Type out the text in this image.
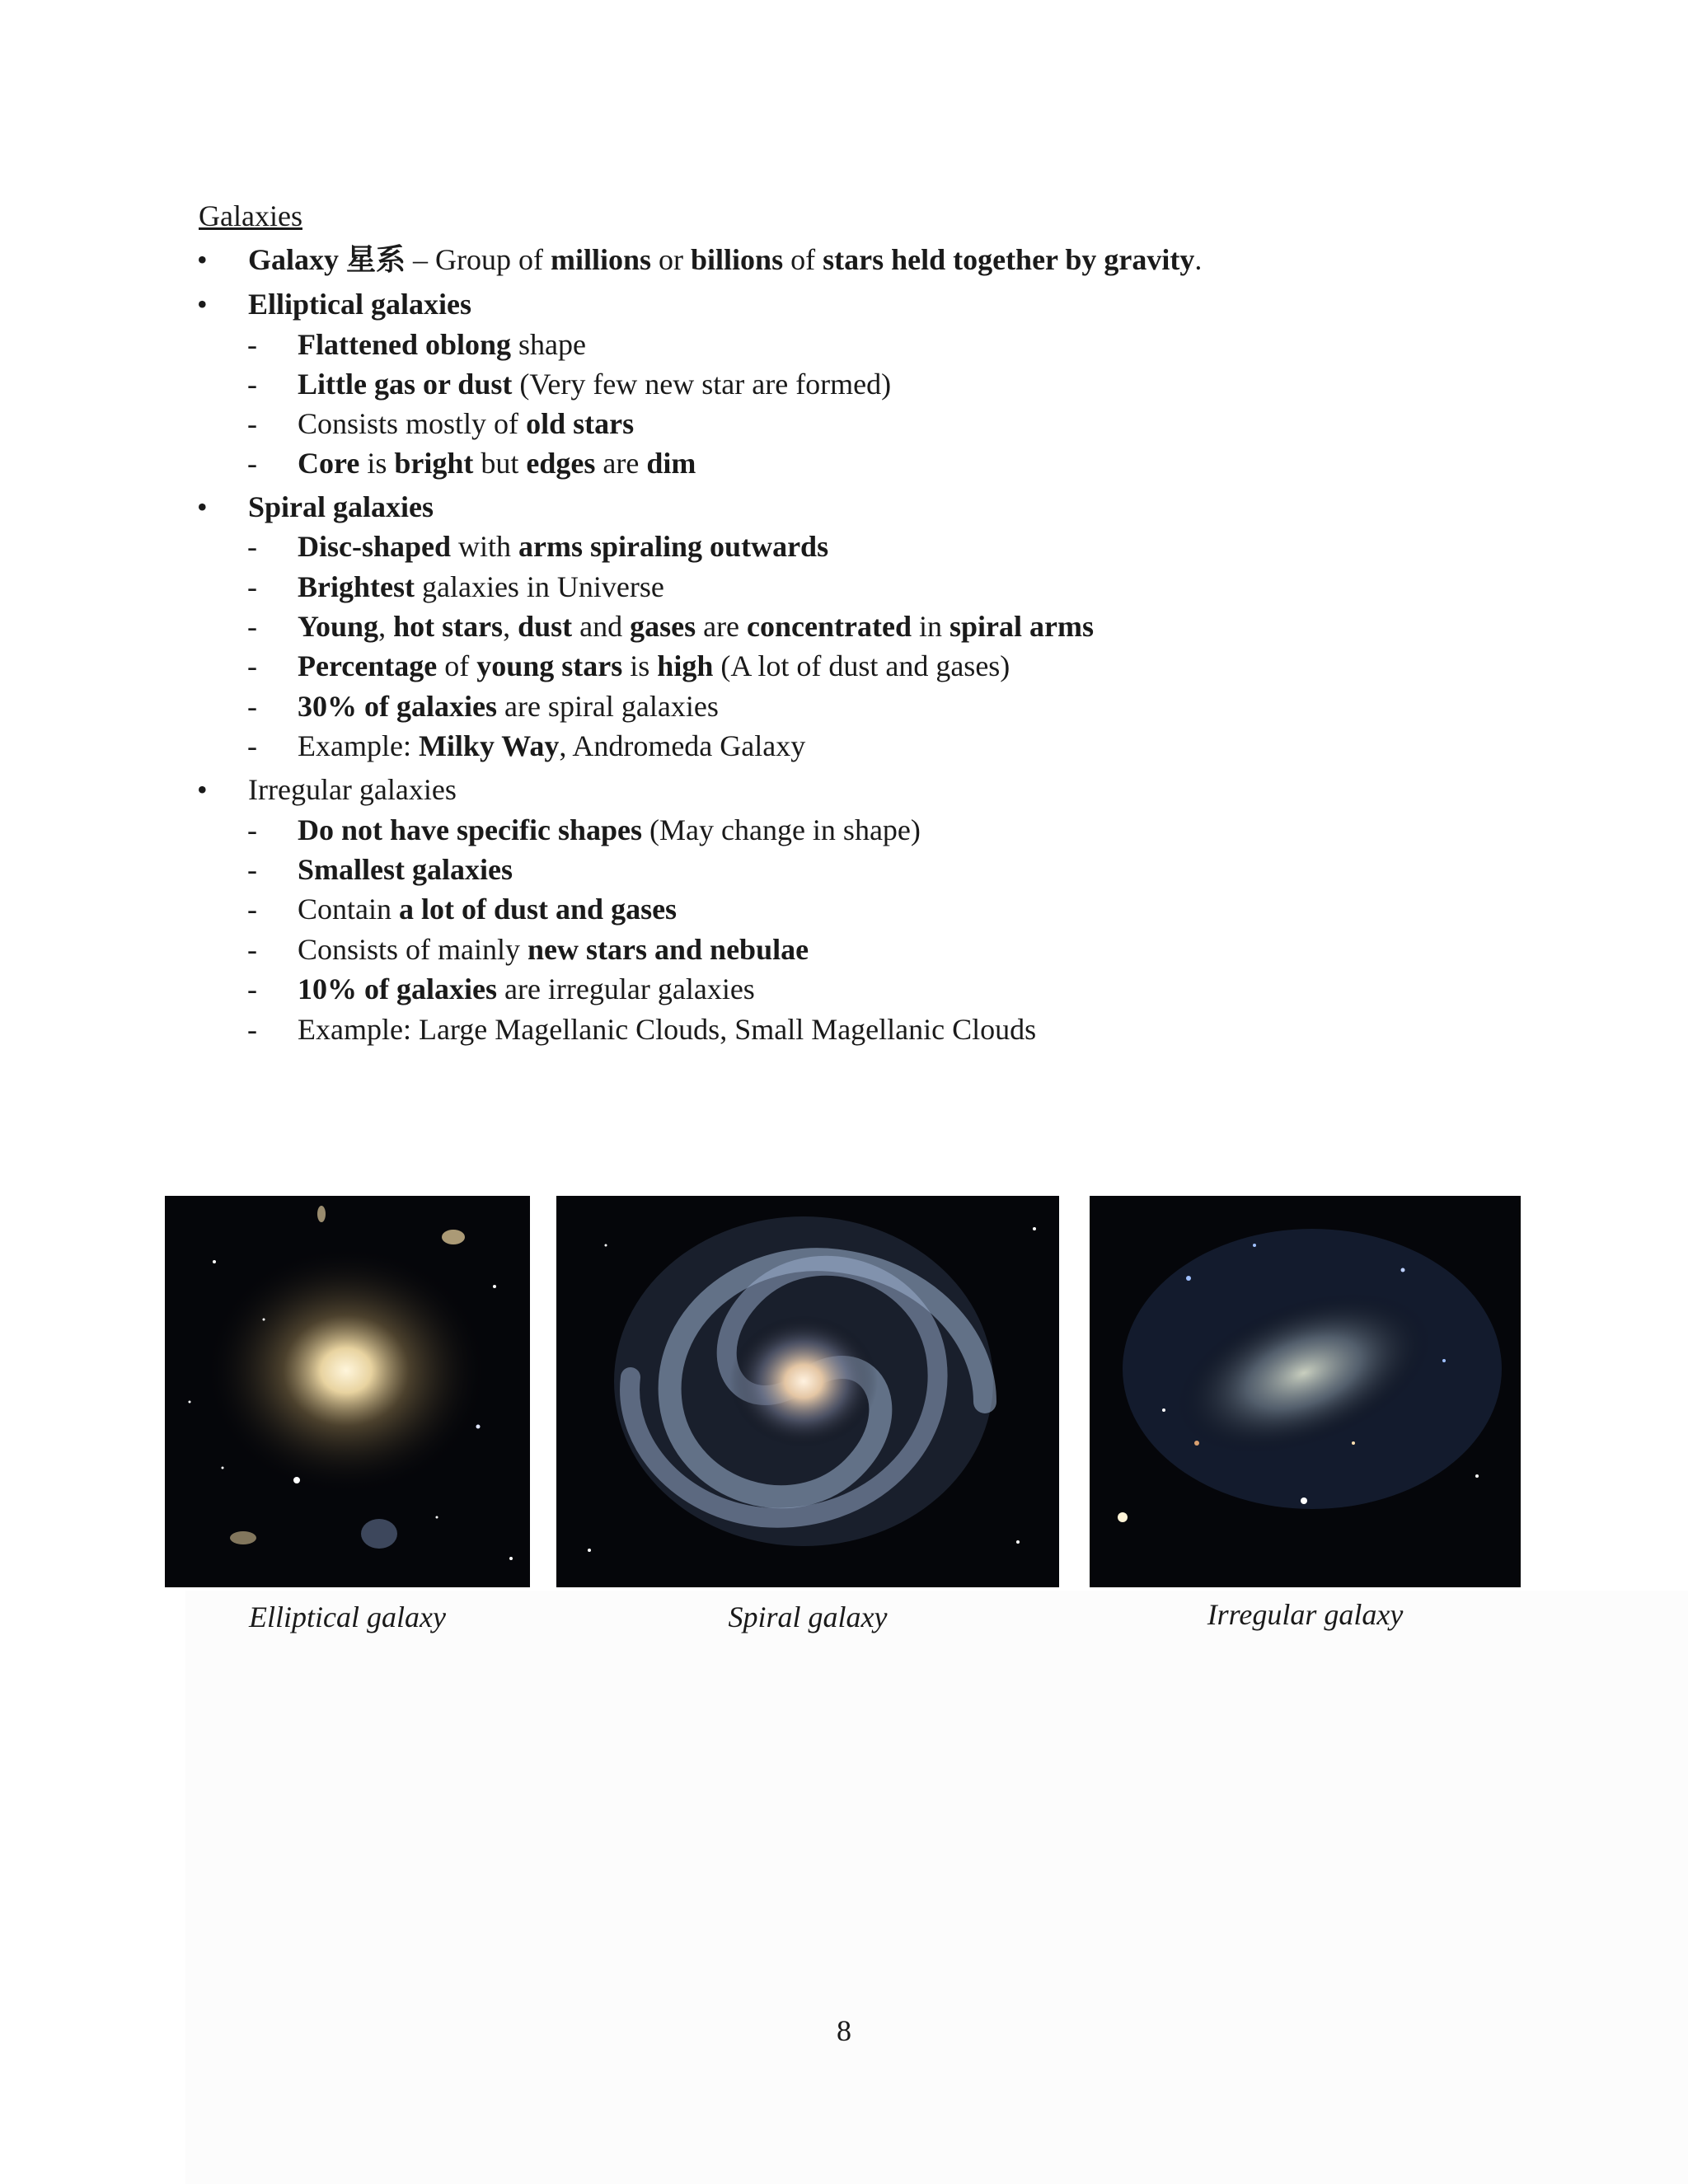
Galaxies
• Galaxy 星系 – Group of millions or billions of stars held together by gravity.
• Elliptical galaxies
- Flattened oblong shape
- Little gas or dust (Very few new star are formed)
- Consists mostly of old stars
- Core is bright but edges are dim
• Spiral galaxies
- Disc-shaped with arms spiraling outwards
- Brightest galaxies in Universe
- Young, hot stars, dust and gases are concentrated in spiral arms
- Percentage of young stars is high (A lot of dust and gases)
- 30% of galaxies are spiral galaxies
- Example: Milky Way, Andromeda Galaxy
• Irregular galaxies
- Do not have specific shapes (May change in shape)
- Smallest galaxies
- Contain a lot of dust and gases
- Consists of mainly new stars and nebulae
- 10% of galaxies are irregular galaxies
- Example: Large Magellanic Clouds, Small Magellanic Clouds
Elliptical galaxy	Spiral galaxy	Irregular galaxy
8
